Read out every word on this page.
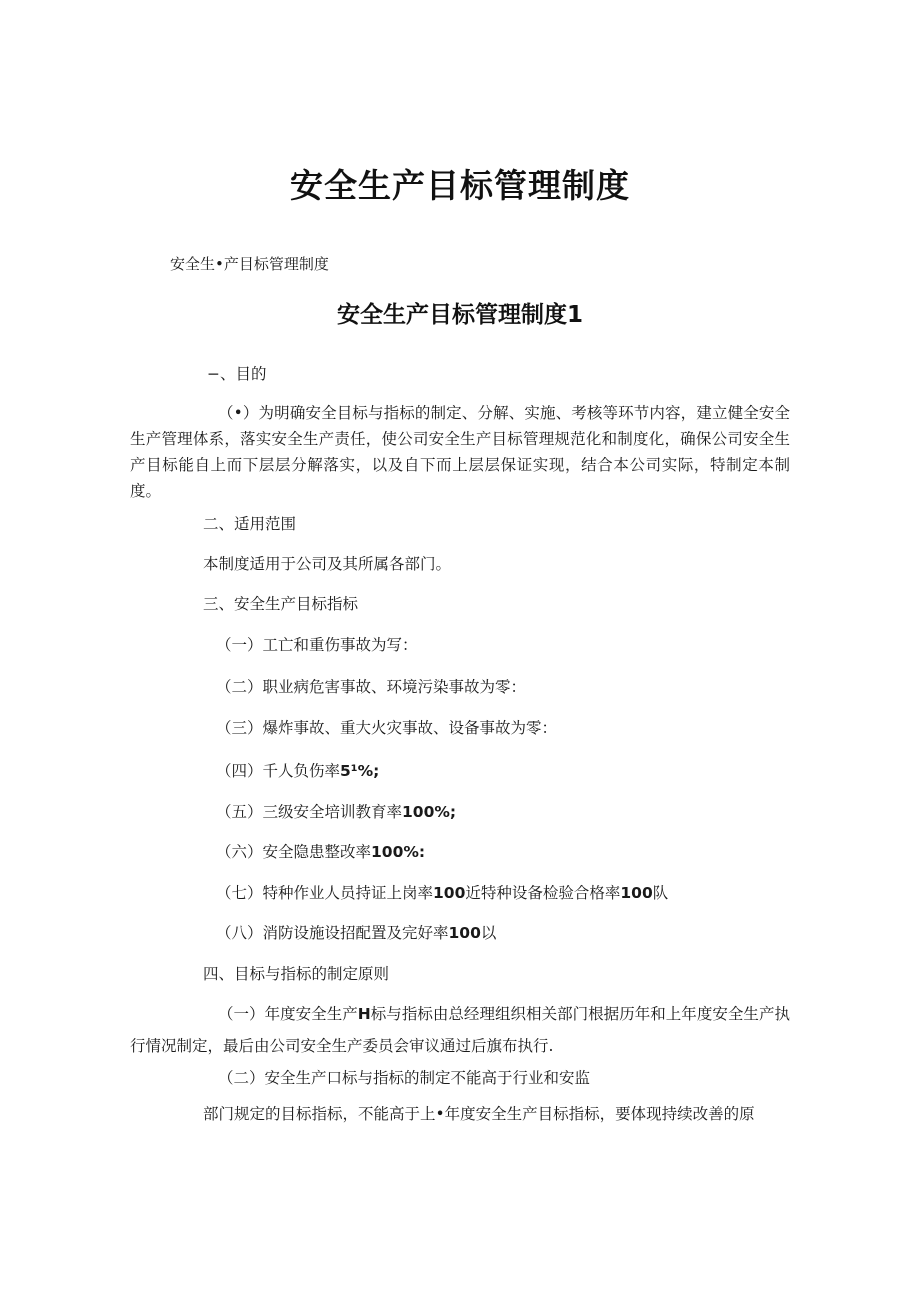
安全生产目标管理制度
安全生•产目标管理制度
安全生产目标管理制度1
−、目的

（•）为明确安全目标与指标的制定、分解、实施、考核等环节内容，建立健全安全生产管理体系，落实安全生产责任，使公司安全生产目标管理规范化和制度化，确保公司安全生产目标能自上而下层层分解落实，以及自下而上层层保证实现，结合本公司实际，特制定本制度。

二、适用范围
本制度适用于公司及其所属各部门。
三、安全生产目标指标
（一）工亡和重伤事故为写：
（二）职业病危害事故、环境污染事故为零：
（三）爆炸事故、重大火灾事故、设备事故为零：
（四）千人负伤率5¹%;
（五）三级安全培训教育率100%;
（六）安全隐患整改率100%:
（七）特种作业人员持证上岗率100近特种设备检验合格率100队
（八）消防设施设招配置及完好率100以
四、目标与指标的制定原则

（一）年度安全生产H标与指标由总经理组织相关部门根据历年和上年度安全生产执行情况制定，最后由公司安全生产委员会审议通过后旗布执行.

（二）安全生产口标与指标的制定不能高于行业和安监
部门规定的目标指标，不能高于上•年度安全生产目标指标，要体现持续改善的原
